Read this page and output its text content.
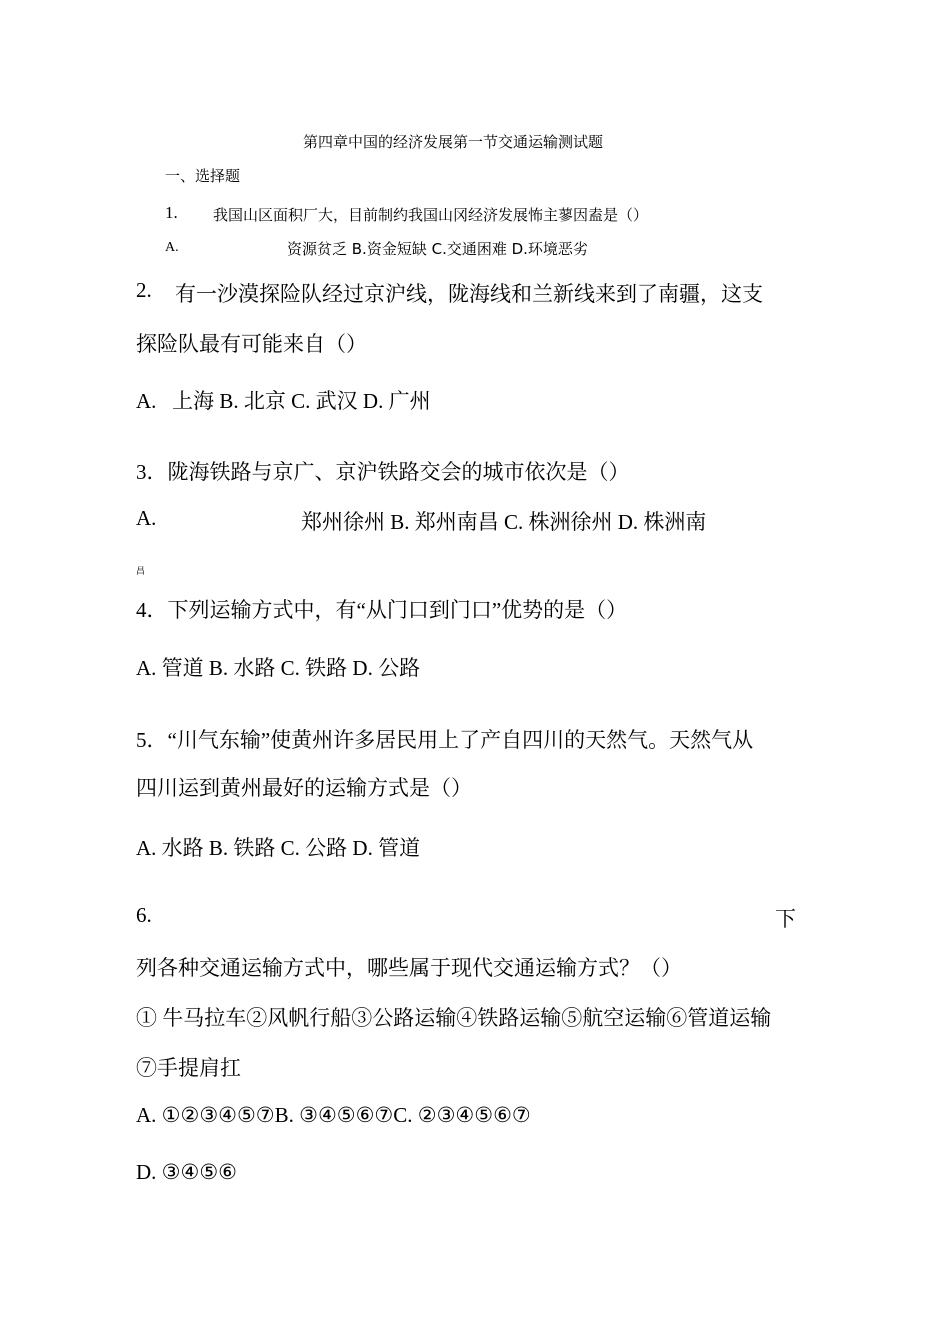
第四章中国的经济发展第一节交通运输测试题
一、选择题
1. 我国山区面积厂大，目前制约我国山冈经济发展怖主蓼因盍是（）
A.	资源贫乏 B.资金短缺 C.交通困难 D.环境恶劣
2. 有一沙漠探险队经过京沪线，陇海线和兰新线来到了南疆，这支
探险队最有可能来自（）
A.   上海 B. 北京 C. 武汉 D. 广州
3．陇海铁路与京广、京沪铁路交会的城市依次是（）
A.	郑州徐州 B. 郑州南昌 C. 株洲徐州 D. 株洲南
昌
4．下列运输方式中，有“从门口到门口”优势的是（）
A. 管道 B. 水路 C. 铁路 D. 公路
5．“川气东输”使黄州许多居民用上了产自四川的天然气。天然气从
四川运到黄州最好的运输方式是（）
A. 水路 B. 铁路 C. 公路 D. 管道
6.	下
列各种交通运输方式中，哪些属于现代交通运输方式？（）
① 牛马拉车②风帆行船③公路运输④铁路运输⑤航空运输⑥管道运输
⑦手提肩扛
A. ①②③④⑤⑦B. ③④⑤⑥⑦C. ②③④⑤⑥⑦
D. ③④⑤⑥
